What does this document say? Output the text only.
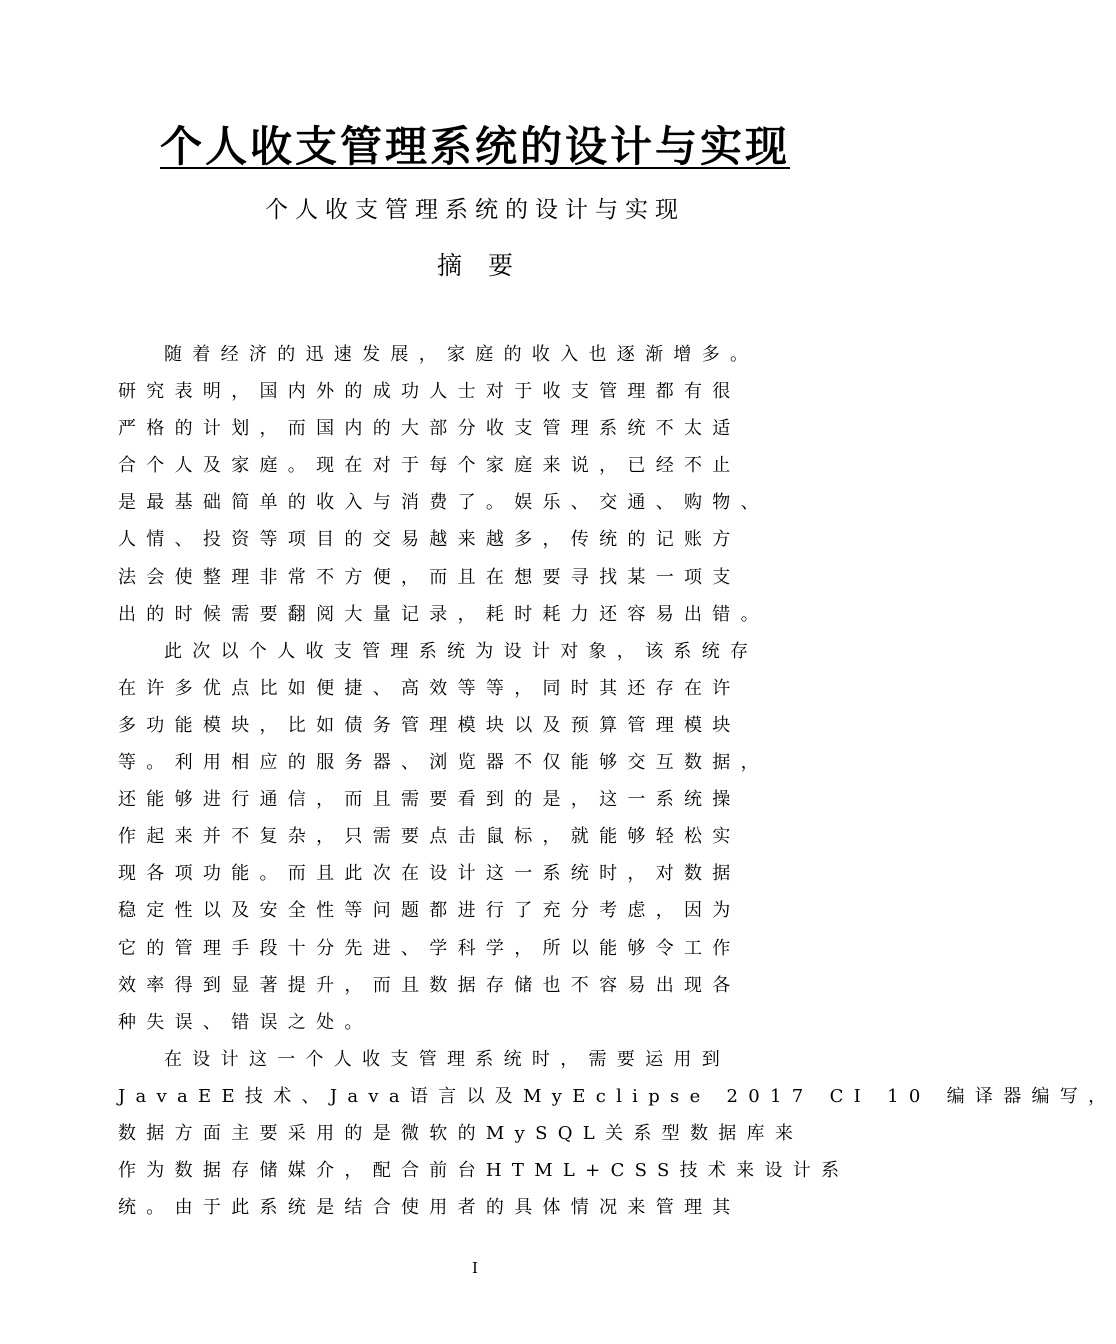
个人收支管理系统的设计与实现
个人收支管理系统的设计与实现
摘要
随着经济的迅速发展，家庭的收入也逐渐增多。
研究表明，国内外的成功人士对于收支管理都有很
严格的计划，而国内的大部分收支管理系统不太适
合个人及家庭。现在对于每个家庭来说，已经不止
是最基础简单的收入与消费了。娱乐、交通、购物、
人情、投资等项目的交易越来越多，传统的记账方
法会使整理非常不方便，而且在想要寻找某一项支
出的时候需要翻阅大量记录，耗时耗力还容易出错。
此次以个人收支管理系统为设计对象，该系统存
在许多优点比如便捷、高效等等，同时其还存在许
多功能模块，比如债务管理模块以及预算管理模块
等。利用相应的服务器、浏览器不仅能够交互数据，
还能够进行通信，而且需要看到的是，这一系统操
作起来并不复杂，只需要点击鼠标，就能够轻松实
现各项功能。而且此次在设计这一系统时，对数据
稳定性以及安全性等问题都进行了充分考虑，因为
它的管理手段十分先进、学科学，所以能够令工作
效率得到显著提升，而且数据存储也不容易出现各
种失误、错误之处。
在设计这一个人收支管理系统时，需要运用到
JavaEE技术、Java语言以及MyEclipse 2017 CI 10 编译器编写，
数据方面主要采用的是微软的MySQL关系型数据库来
作为数据存储媒介，配合前台HTML+CSS技术来设计系
统。由于此系统是结合使用者的具体情况来管理其
I
